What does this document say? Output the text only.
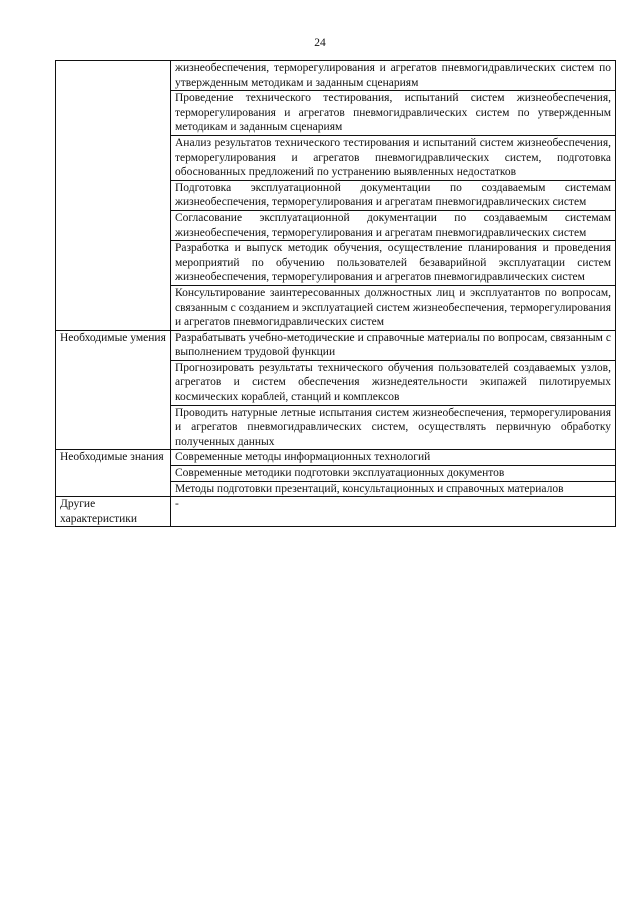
24
	жизнеобеспечения, терморегулирования и агрегатов пневмогидравлических систем по утвержденным методикам и заданным сценариям
	Проведение технического тестирования, испытаний систем жизнеобеспечения, терморегулирования и агрегатов пневмогидравлических систем по утвержденным методикам и заданным сценариям
	Анализ результатов технического тестирования и испытаний систем жизнеобеспечения, терморегулирования и агрегатов пневмогидравлических систем, подготовка обоснованных предложений по устранению выявленных недостатков
	Подготовка эксплуатационной документации по создаваемым системам жизнеобеспечения, терморегулирования и агрегатам пневмогидравлических систем
	Согласование эксплуатационной документации по создаваемым системам жизнеобеспечения, терморегулирования и агрегатам пневмогидравлических систем
	Разработка и выпуск методик обучения, осуществление планирования и проведения мероприятий по обучению пользователей безаварийной эксплуатации систем жизнеобеспечения, терморегулирования и агрегатов пневмогидравлических систем
	Консультирование заинтересованных должностных лиц и эксплуатантов по вопросам, связанным с созданием и эксплуатацией систем жизнеобеспечения, терморегулирования и агрегатов пневмогидравлических систем
Необходимые умения	Разрабатывать учебно-методические и справочные материалы по вопросам, связанным с выполнением трудовой функции
	Прогнозировать результаты технического обучения пользователей создаваемых узлов, агрегатов и систем обеспечения жизнедеятельности экипажей пилотируемых космических кораблей, станций и комплексов
	Проводить натурные летные испытания систем жизнеобеспечения, терморегулирования и агрегатов пневмогидравлических систем, осуществлять первичную обработку полученных данных
Необходимые знания	Современные методы информационных технологий
	Современные методики подготовки эксплуатационных документов
	Методы подготовки презентаций, консультационных и справочных материалов
Другие характеристики	-
